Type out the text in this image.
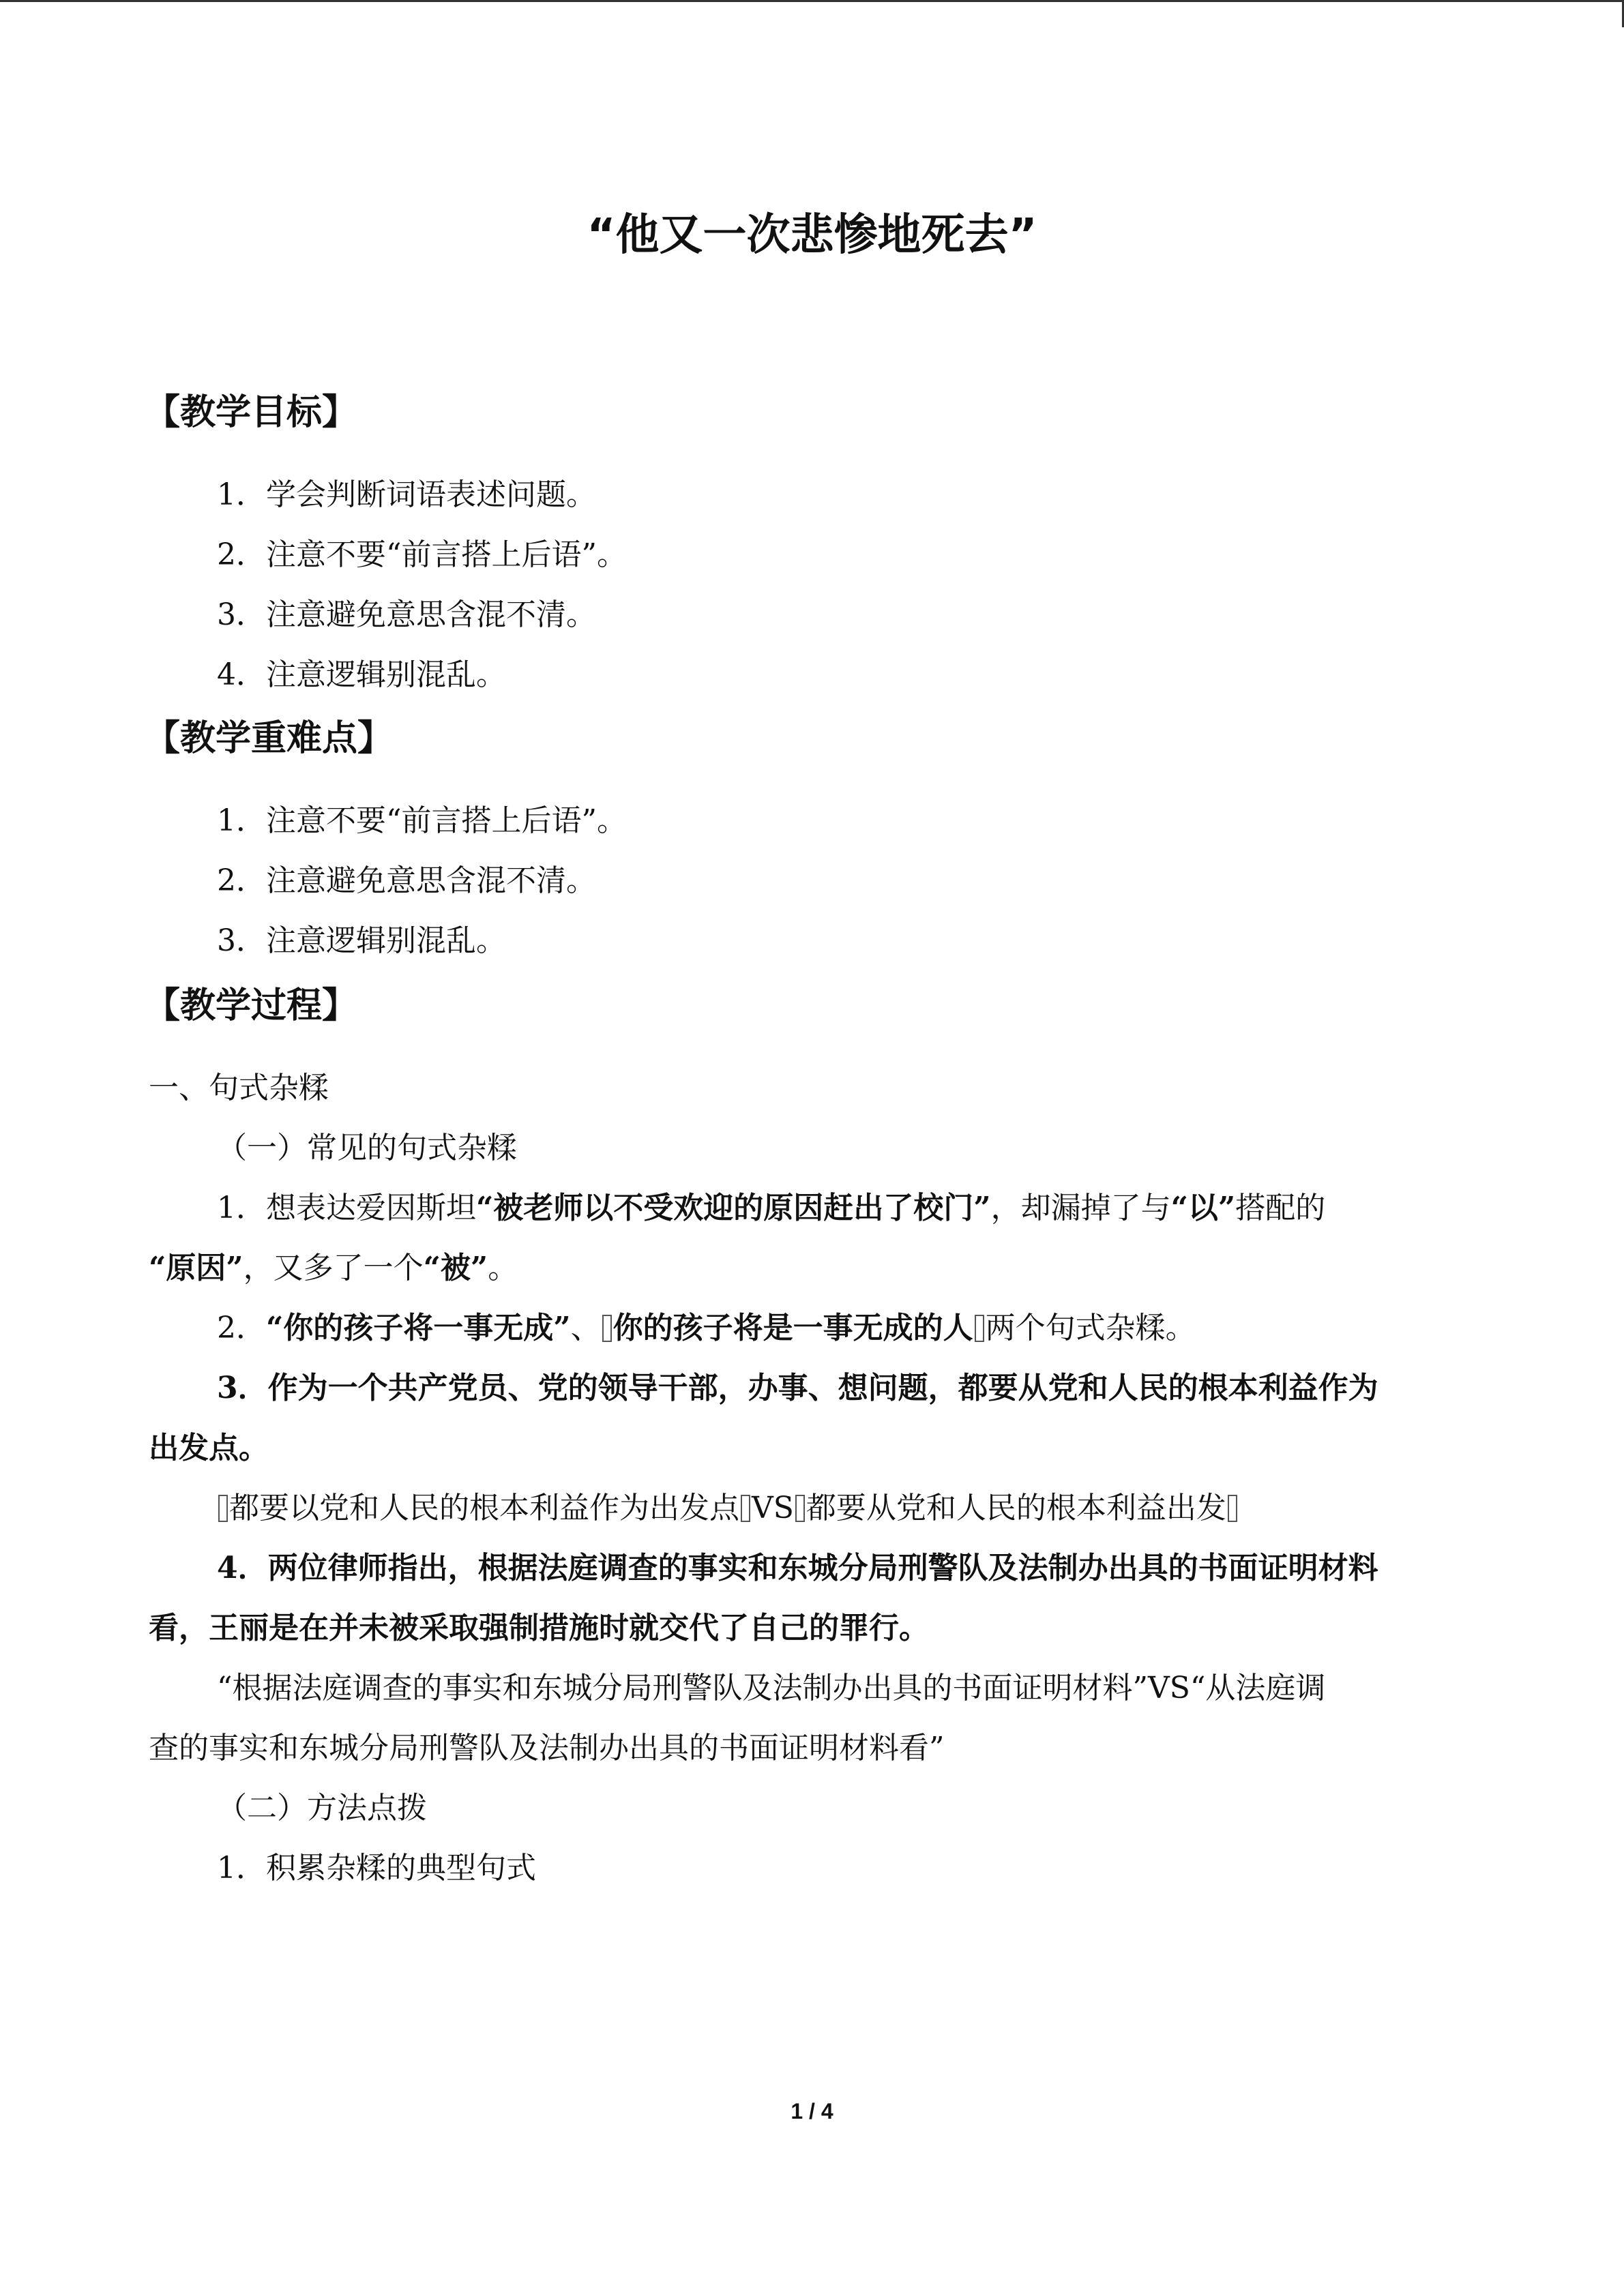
“他又一次悲惨地死去”
【教学目标】
1．学会判断词语表述问题。
2．注意不要“前言搭上后语”。
3．注意避免意思含混不清。
4．注意逻辑别混乱。
【教学重难点】
1．注意不要“前言搭上后语”。
2．注意避免意思含混不清。
3．注意逻辑别混乱。
【教学过程】
一、句式杂糅
（一）常见的句式杂糅
1．想表达爱因斯坦“被老师以不受欢迎的原因赶出了校门”，却漏掉了与“以”搭配的
“原因”，又多了一个“被”。
2．“你的孩子将一事无成”、 你的孩子将是一事无成的人 两个句式杂糅。
3．作为一个共产党员、党的领导干部，办事、想问题，都要从党和人民的根本利益作为
出发点。
都要以党和人民的根本利益作为出发点 VS 都要从党和人民的根本利益出发
4．两位律师指出，根据法庭调查的事实和东城分局刑警队及法制办出具的书面证明材料
看，王丽是在并未被采取强制措施时就交代了自己的罪行。
“根据法庭调查的事实和东城分局刑警队及法制办出具的书面证明材料”VS“从法庭调
查的事实和东城分局刑警队及法制办出具的书面证明材料看”
（二）方法点拨
1．积累杂糅的典型句式
1 / 4
